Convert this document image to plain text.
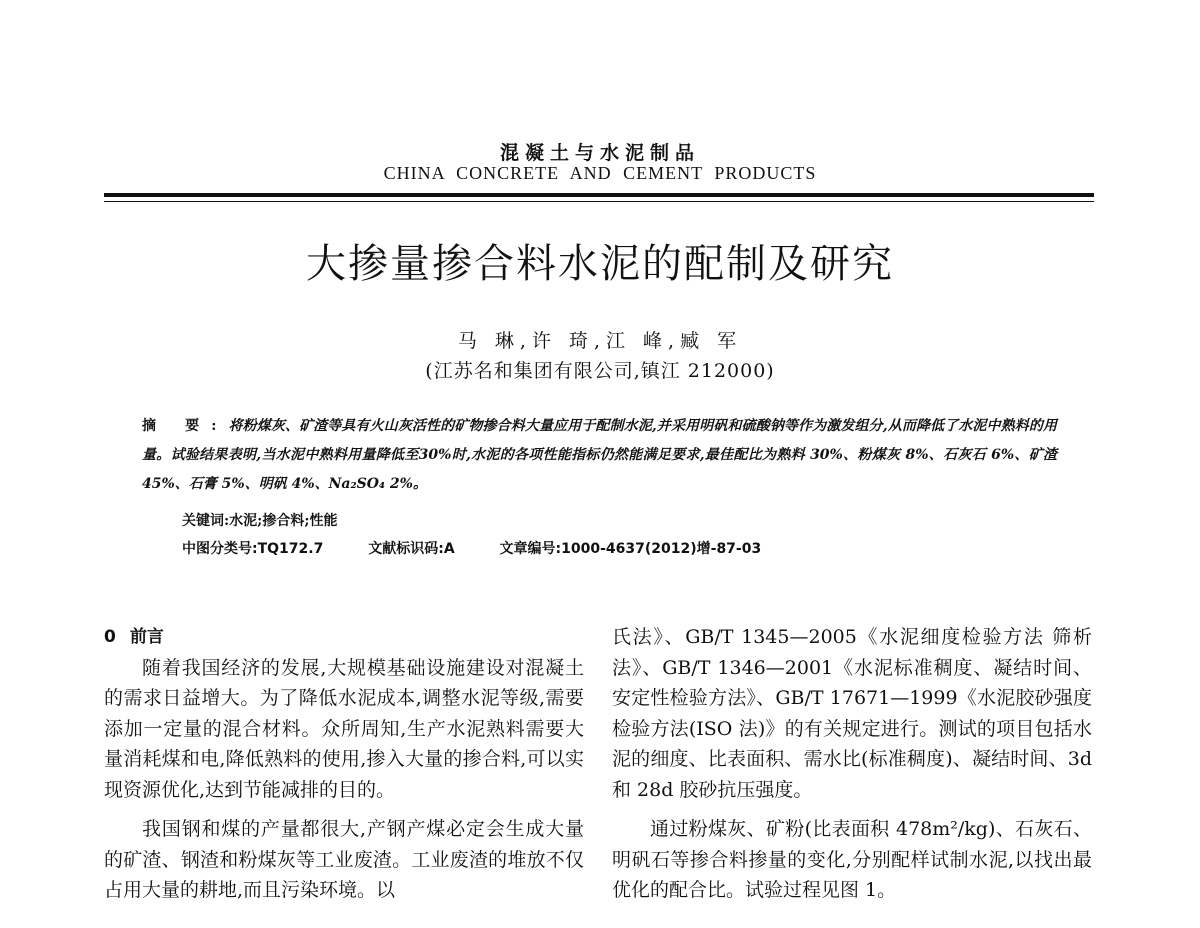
混凝土与水泥制品
CHINA CONCRETE AND CEMENT PRODUCTS
大掺量掺合料水泥的配制及研究
马 琳,许 琦,江 峰,臧 军
(江苏名和集团有限公司,镇江 212000)
摘 要:将粉煤灰、矿渣等具有火山灰活性的矿物掺合料大量应用于配制水泥,并采用明矾和硫酸钠等作为激发组分,从而降低了水泥中熟料的用量。试验结果表明,当水泥中熟料用量降低至30%时,水泥的各项性能指标仍然能满足要求,最佳配比为熟料 30%、粉煤灰 8%、石灰石 6%、矿渣 45%、石膏 5%、明矾 4%、Na₂SO₄ 2%。
关键词:水泥;掺合料;性能
中图分类号:TQ172.7	文献标识码:A	文章编号:1000-4637(2012)增-87-03

0 前言

随着我国经济的发展,大规模基础设施建设对混凝土的需求日益增大。为了降低水泥成本,调整水泥等级,需要添加一定量的混合材料。众所周知,生产水泥熟料需要大量消耗煤和电,降低熟料的使用,掺入大量的掺合料,可以实现资源优化,达到节能减排的目的。

我国钢和煤的产量都很大,产钢产煤必定会生成大量的矿渣、钢渣和粉煤灰等工业废渣。工业废渣的堆放不仅占用大量的耕地,而且污染环境。以

氏法》、GB/T 1345—2005《水泥细度检验方法 筛析法》、GB/T 1346—2001《水泥标准稠度、凝结时间、安定性检验方法》、GB/T 17671—1999《水泥胶砂强度检验方法(ISO 法)》的有关规定进行。测试的项目包括水泥的细度、比表面积、需水比(标准稠度)、凝结时间、3d 和 28d 胶砂抗压强度。

通过粉煤灰、矿粉(比表面积 478m²/kg)、石灰石、明矾石等掺合料掺量的变化,分别配样试制水泥,以找出最优化的配合比。试验过程见图 1。
